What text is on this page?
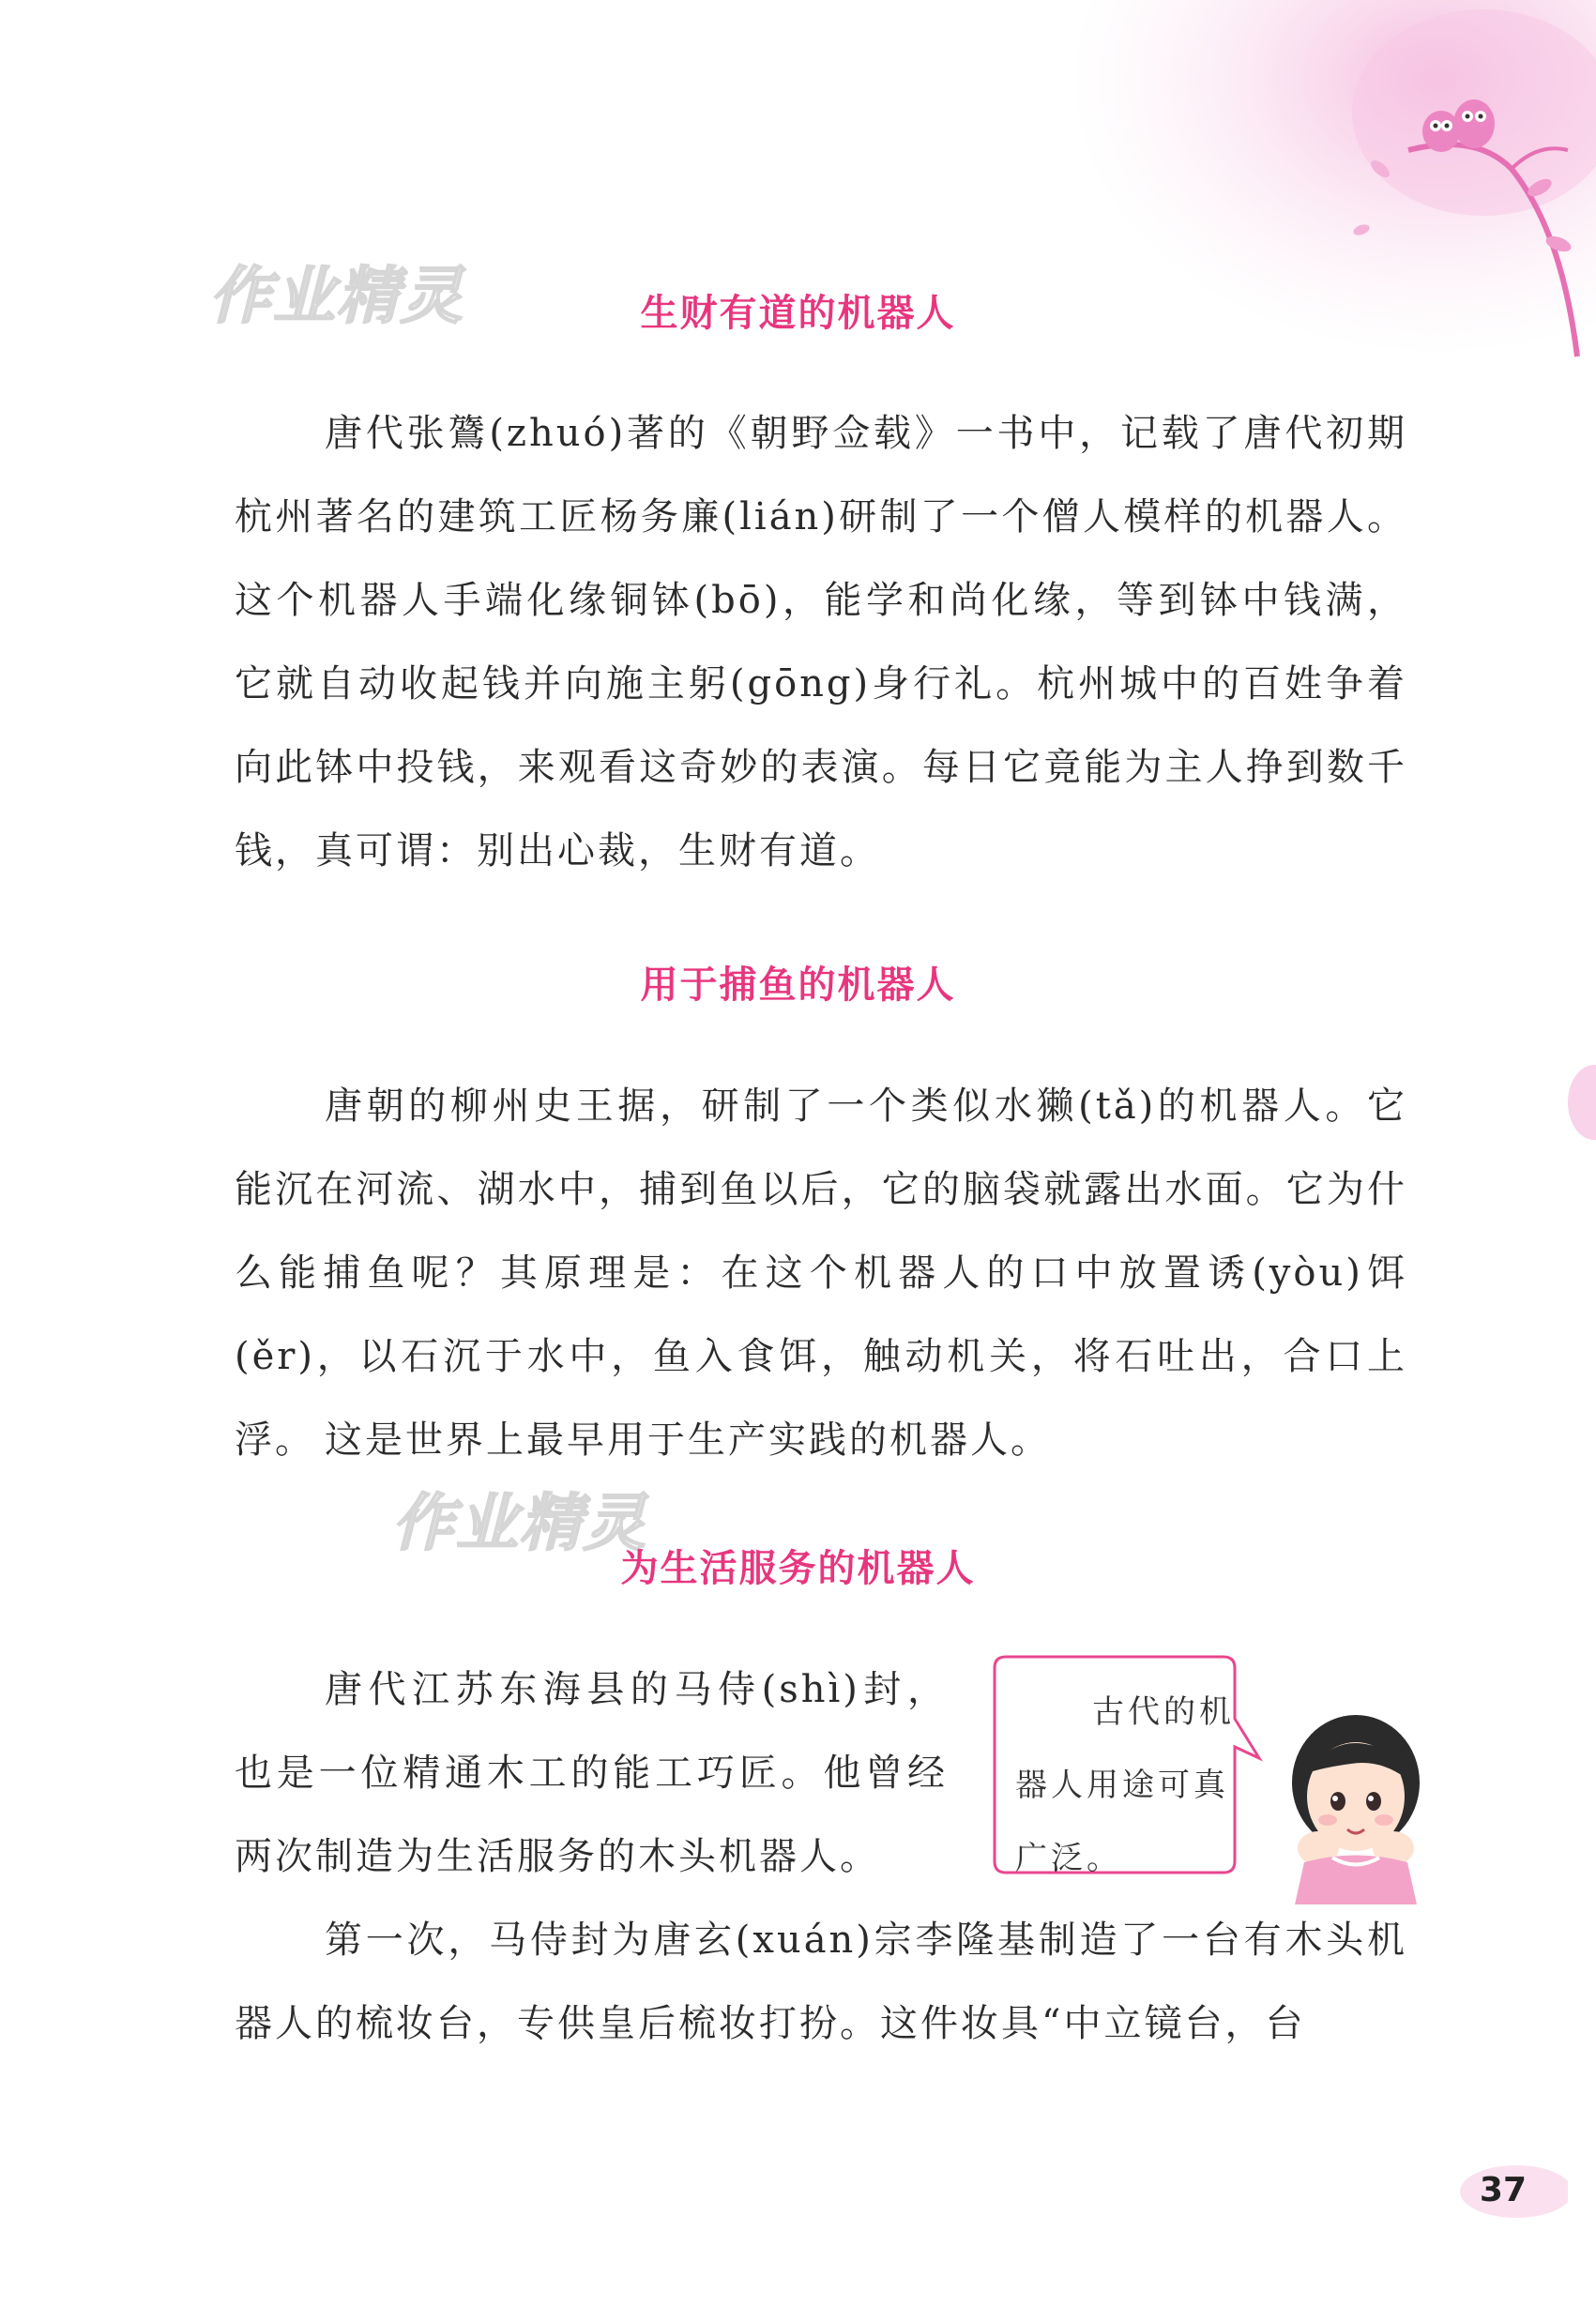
作业精灵
作业精灵
生财有道的机器人

唐代张鷟(zhuó)著的《朝野佥载》一书中，记载了唐代初期杭州著名的建筑工匠杨务廉(lián)研制了一个僧人模样的机器人。这个机器人手端化缘铜钵(bō)，能学和尚化缘，等到钵中钱满，它就自动收起钱并向施主躬(gōng)身行礼。杭州城中的百姓争着向此钵中投钱，来观看这奇妙的表演。每日它竟能为主人挣到数千钱，真可谓：别出心裁，生财有道。

用于捕鱼的机器人

唐朝的柳州史王据，研制了一个类似水獭(tǎ)的机器人。它能沉在河流、湖水中，捕到鱼以后，它的脑袋就露出水面。它为什么能捕鱼呢？其原理是：在这个机器人的口中放置诱(yòu)饵(ěr)，以石沉于水中，鱼入食饵，触动机关，将石吐出，合口上浮。 这是世界上最早用于生产实践的机器人。

为生活服务的机器人

唐代江苏东海县的马侍(shì)封，也是一位精通木工的能工巧匠。他曾经两次制造为生活服务的木头机器人。

第一次，马侍封为唐玄(xuán)宗李隆基制造了一台有木头机器人的梳妆台，专供皇后梳妆打扮。这件妆具“中立镜台，台

古代的机器人用途可真广泛。

37
